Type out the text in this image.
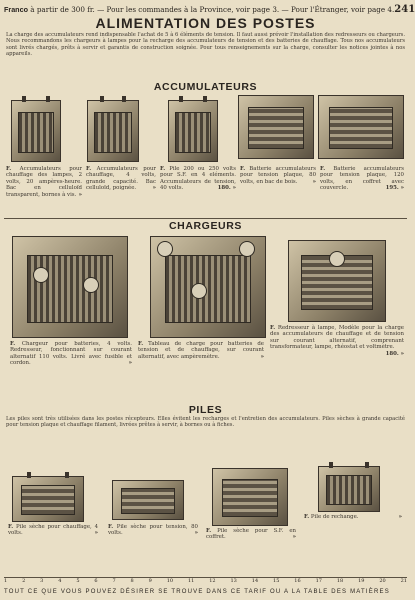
Franco à partir de 300 fr. — Pour les commandes à la Province, voir page 3. — Pour l'Étranger, voir page 4. 241
ALIMENTATION DES POSTES
La charge des accumulateurs rend indispensable l'achat de 5 à 6 éléments de tension. Il faut aussi prévoir l'installation des redresseurs ou chargeurs. Nous recommandons les chargeurs à lampes pour la recharge des accumulateurs de tension et des batteries de chauffage. Tous nos accumulateurs sont livrés chargés, prêts à servir et garantis de construction soignée. Pour tous renseignements sur la charge, consulter les notices jointes à nos appareils.
ACCUMULATEURS
F. Accumulateurs pour chauffage des lampes, 2 volts, 20 ampères-heure. Bac en celluloïd transparent, bornes à vis. »
F. Accumulateurs pour chauffage, 4 volts, grande capacité. Bac celluloïd, poignée.	»
F. Pile 200 ou 250 volts pour S.F. en 4 eléments. Accumulateurs de tension, 40 volts.	180. »
F. Batterie accumulateurs pour tension plaque, 80 volts, en bac de bois.	»
F. Batterie accumulateurs pour tension plaque, 120 volts, en coffret avec couvercle.	195. »
CHARGEURS
F. Chargeur pour batteries, 4 volts. Redresseur, fonctionnant sur courant alternatif 110 volts. Livré avec fusible et cordon.	»
F. Tableau de charge pour batteries de tension et de chauffage, sur courant alternatif, avec ampèremètre.	»
F. Redresseur à lampe, Modèle pour la charge des accumulateurs de chauffage et de tension sur courant alternatif, comprenant transformateur, lampe, rhéostat et voltmètre.
180. »
PILES
Les piles sont très utilisées dans les postes récepteurs. Elles évitent les recharges et l'entretien des accumulateurs. Piles sèches à grande capacité pour tension plaque et chauffage filament, livrées prêtes à servir, à bornes ou à fiches.
F. Pile sèche pour chauffage, 4 volts.	»
F. Pile sèche pour tension, 80 volts.	» F. Pile sèche pour S.F. en coffret.	»
F. Pile de rechange.	»
1	2	3	4	5	6	7	8	9	10	11	12	13	14	15	16	17	18	19	20	21
TOUT CE QUE VOUS POUVEZ DÉSIRER SE TROUVE DANS CE TARIF OU A LA TABLE DES MATIÈRES
